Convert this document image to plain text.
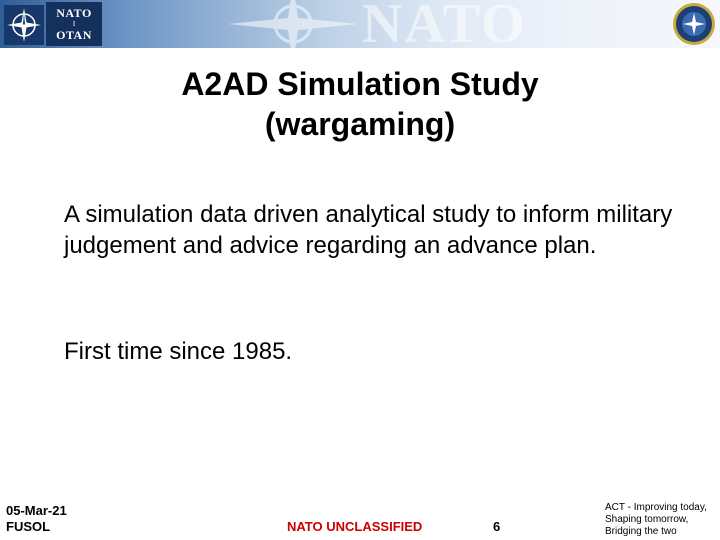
NATO
I
OTAN	NATO
A2AD Simulation Study
(wargaming)

A simulation data driven analytical study to inform military judgement and advice regarding an advance plan.

First time since 1985.

05-Mar-21
FUSOL	NATO UNCLASSIFIED	6
ACT - Improving today,
Shaping tomorrow,
Bridging the two
